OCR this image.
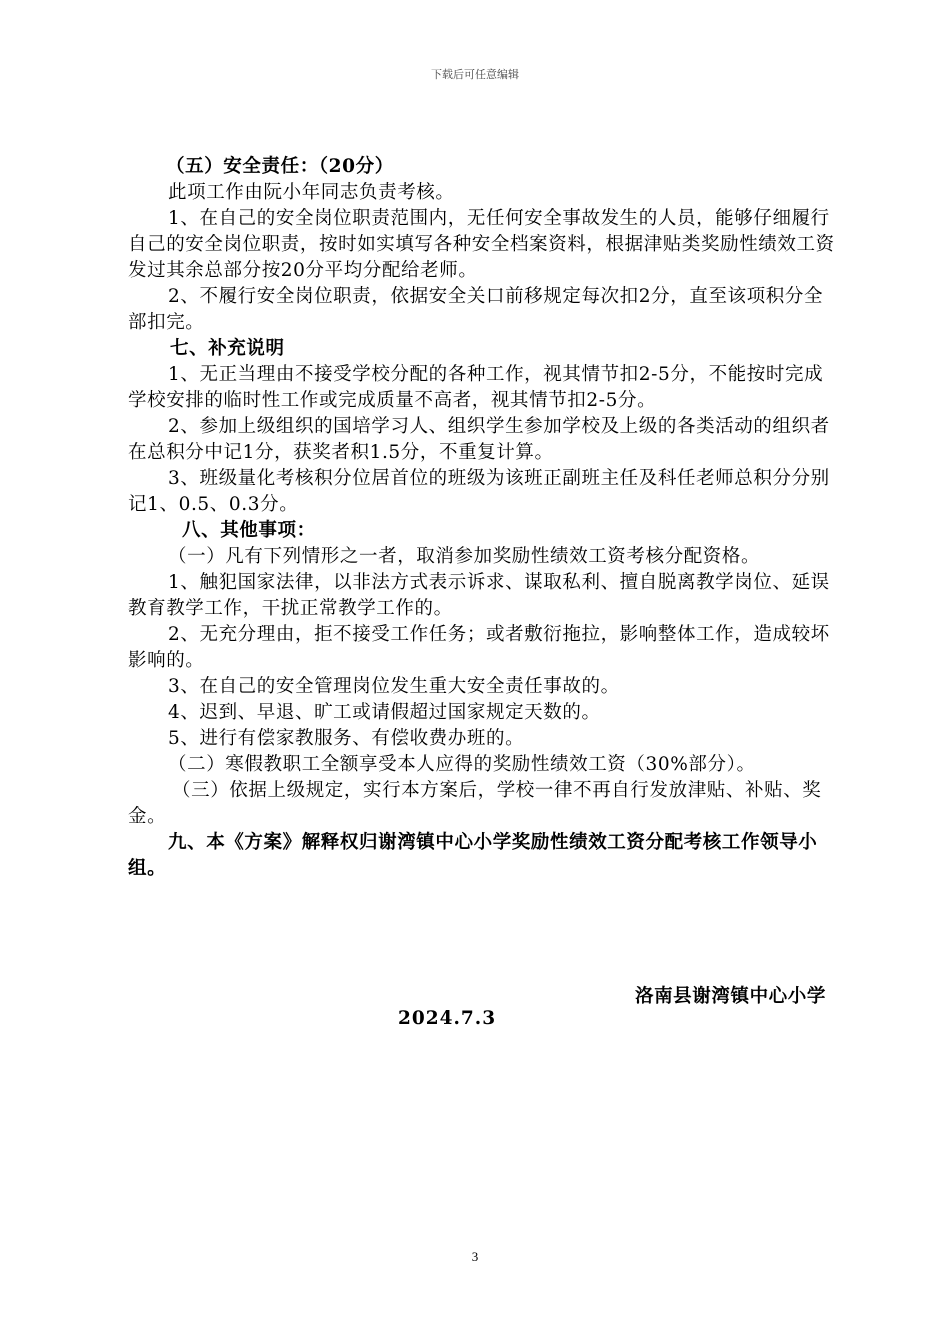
下载后可任意编辑

（五）安全责任：（20分）

此项工作由阮小年同志负责考核。

1、在自己的安全岗位职责范围内，无任何安全事故发生的人员，能够仔细履行自己的安全岗位职责，按时如实填写各种安全档案资料，根据津贴类奖励性绩效工资发过其余总部分按20分平均分配给老师。

2、不履行安全岗位职责，依据安全关口前移规定每次扣2分，直至该项积分全部扣完。

七、补充说明

1、无正当理由不接受学校分配的各种工作，视其情节扣2-5分，不能按时完成学校安排的临时性工作或完成质量不高者，视其情节扣2-5分。

2、参加上级组织的国培学习人、组织学生参加学校及上级的各类活动的组织者在总积分中记1分，获奖者积1.5分，不重复计算。

3、班级量化考核积分位居首位的班级为该班正副班主任及科任老师总积分分别记1、0.5、0.3分。

八、其他事项：

（一）凡有下列情形之一者，取消参加奖励性绩效工资考核分配资格。

1、触犯国家法律，以非法方式表示诉求、谋取私利、擅自脱离教学岗位、延误教育教学工作，干扰正常教学工作的。

2、无充分理由，拒不接受工作任务；或者敷衍拖拉，影响整体工作，造成较坏影响的。

3、在自己的安全管理岗位发生重大安全责任事故的。

4、迟到、早退、旷工或请假超过国家规定天数的。

5、进行有偿家教服务、有偿收费办班的。

（二）寒假教职工全额享受本人应得的奖励性绩效工资（30%部分）。

（三）依据上级规定，实行本方案后，学校一律不再自行发放津贴、补贴、奖金。

九、本《方案》解释权归谢湾镇中心小学奖励性绩效工资分配考核工作领导小组。

洛南县谢湾镇中心小学
2024.7.3
3
